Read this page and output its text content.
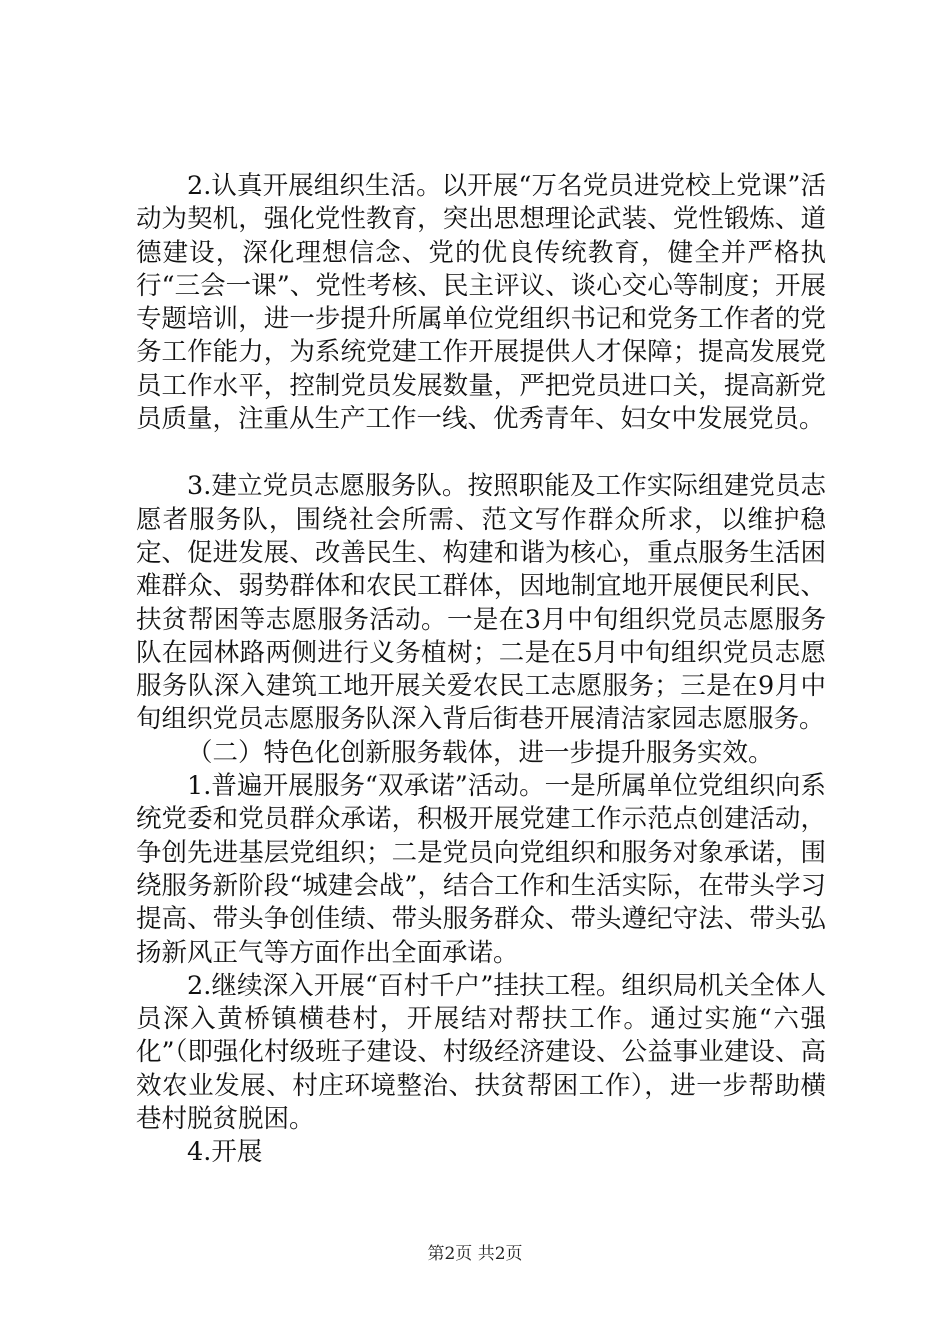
2.认真开展组织生活。以开展“万名党员进党校上党课”活动为契机，强化党性教育，突出思想理论武装、党性锻炼、道德建设，深化理想信念、党的优良传统教育，健全并严格执行“三会一课”、党性考核、民主评议、谈心交心等制度；开展专题培训，进一步提升所属单位党组织书记和党务工作者的党务工作能力，为系统党建工作开展提供人才保障；提高发展党员工作水平，控制党员发展数量，严把党员进口关，提高新党员质量，注重从生产工作一线、优秀青年、妇女中发展党员。

3.建立党员志愿服务队。按照职能及工作实际组建党员志愿者服务队，围绕社会所需、范文写作群众所求，以维护稳定、促进发展、改善民生、构建和谐为核心，重点服务生活困难群众、弱势群体和农民工群体，因地制宜地开展便民利民、扶贫帮困等志愿服务活动。一是在3月中旬组织党员志愿服务队在园林路两侧进行义务植树；二是在5月中旬组织党员志愿服务队深入建筑工地开展关爱农民工志愿服务；三是在9月中旬组织党员志愿服务队深入背后街巷开展清洁家园志愿服务。

（二）特色化创新服务载体，进一步提升服务实效。

1.普遍开展服务“双承诺”活动。一是所属单位党组织向系统党委和党员群众承诺，积极开展党建工作示范点创建活动，争创先进基层党组织；二是党员向党组织和服务对象承诺，围绕服务新阶段“城建会战”，结合工作和生活实际，在带头学习提高、带头争创佳绩、带头服务群众、带头遵纪守法、带头弘扬新风正气等方面作出全面承诺。

2.继续深入开展“百村千户”挂扶工程。组织局机关全体人员深入黄桥镇横巷村，开展结对帮扶工作。通过实施“六强化”（即强化村级班子建设、村级经济建设、公益事业建设、高效农业发展、村庄环境整治、扶贫帮困工作），进一步帮助横巷村脱贫脱困。

4.开展

第2页 共2页
